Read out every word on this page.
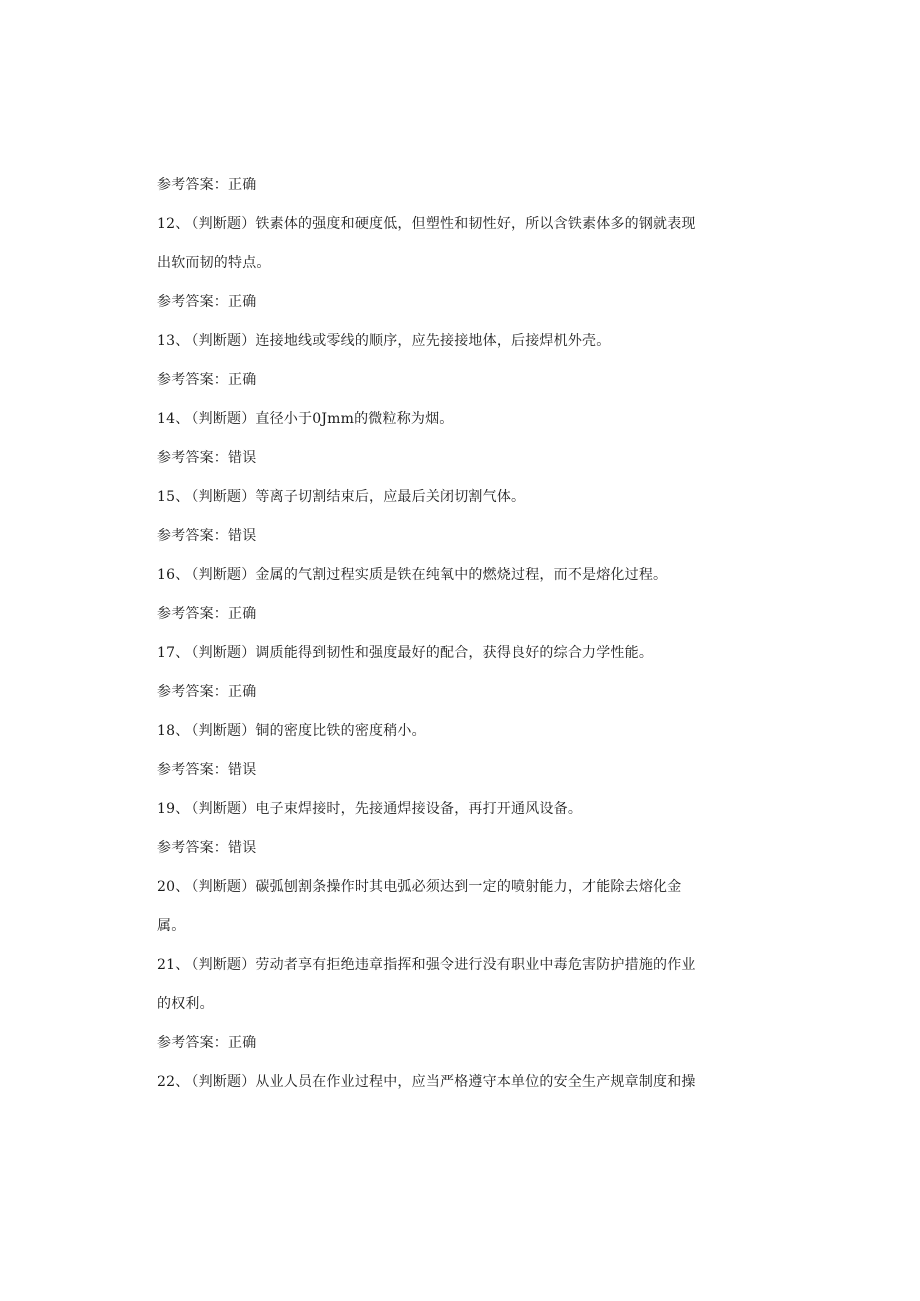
参考答案：正确
12、 （判断题）铁素体的强度和硬度低，但塑性和韧性好，所以含铁素体多的钢就表现
出软而韧的特点。
参考答案：正确
13、 （判断题）连接地线或零线的顺序，应先接接地体，后接焊机外壳。
参考答案：正确
14、 （判断题）直径小于0Jmm的微粒称为烟。
参考答案：错误
15、 （判断题）等离子切割结束后，应最后关闭切割气体。
参考答案：错误
16、 （判断题）金属的气割过程实质是铁在纯氧中的燃烧过程，而不是熔化过程。
参考答案：正确
17、 （判断题）调质能得到韧性和强度最好的配合，获得良好的综合力学性能。
参考答案：正确
18、 （判断题）铜的密度比铁的密度稍小。
参考答案：错误
19、 （判断题）电子束焊接时，先接通焊接设备，再打开通风设备。
参考答案：错误
20、 （判断题）碳弧刨割条操作时其电弧必须达到一定的喷射能力，才能除去熔化金
属。
21、 （判断题）劳动者享有拒绝违章指挥和强令进行没有职业中毒危害防护措施的作业
的权利。
参考答案：正确
22、 （判断题）从业人员在作业过程中，应当严格遵守本单位的安全生产规章制度和操
